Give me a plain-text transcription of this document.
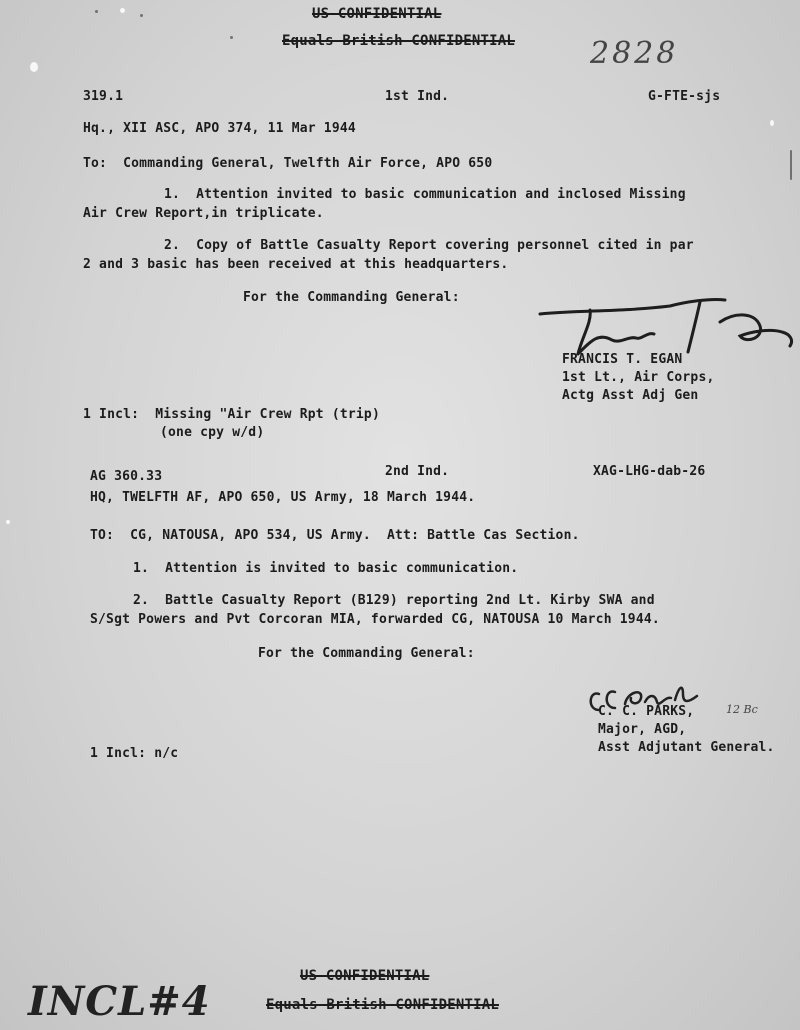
US CONFIDENTIAL
Equals British CONFIDENTIAL	2828
319.1	1st Ind.	G-FTE-sjs
Hq., XII ASC, APO 374, 11 Mar 1944
To:  Commanding General, Twelfth Air Force, APO 650
1.  Attention invited to basic communication and inclosed Missing
Air Crew Report,in triplicate.
2.  Copy of Battle Casualty Report covering personnel cited in par
2 and 3 basic has been received at this headquarters.
For the Commanding General:
FRANCIS T. EGAN
1st Lt., Air Corps,
Actg Asst Adj Gen
1 Incl:  Missing "Air Crew Rpt (trip)
(one cpy w/d)
AG 360.33	2nd Ind.	XAG-LHG-dab-26
HQ, TWELFTH AF, APO 650, US Army, 18 March 1944.
TO:  CG, NATOUSA, APO 534, US Army.  Att: Battle Cas Section.
1.  Attention is invited to basic communication.
2.  Battle Casualty Report (B129) reporting 2nd Lt. Kirby SWA and
S/Sgt Powers and Pvt Corcoran MIA, forwarded CG, NATOUSA 10 March 1944.
For the Commanding General:
12 Bc
C. C. PARKS,
Major, AGD,
Asst Adjutant General.
1 Incl: n/c
US CONFIDENTIAL
Equals British CONFIDENTIAL
INCL#4
